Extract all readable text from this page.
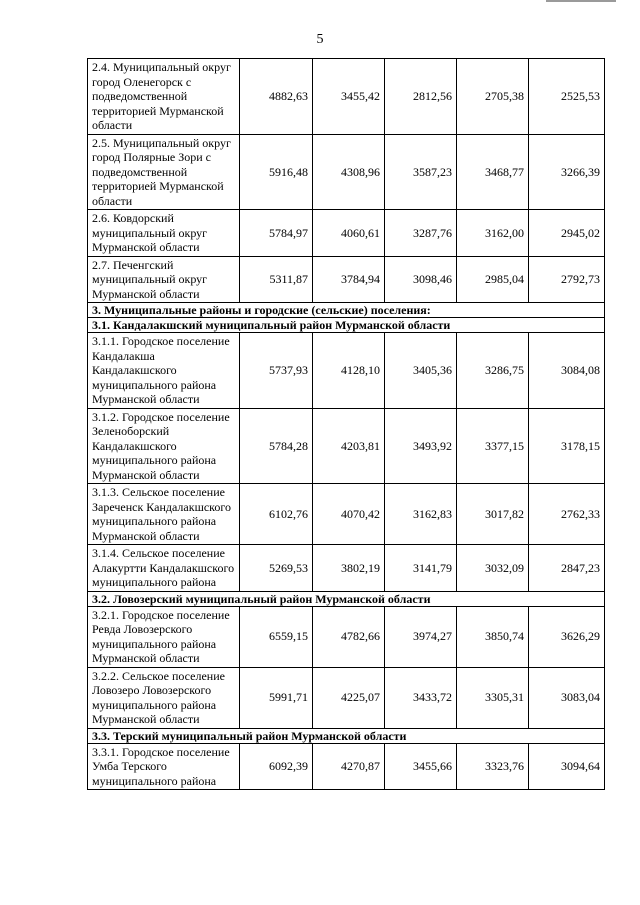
5
2.4. Муниципальный округ город Оленегорск с подведомственной территорией Мурманской области	4882,63	3455,42	2812,56	2705,38	2525,53
2.5. Муниципальный округ город Полярные Зори с подведомственной территорией Мурманской области	5916,48	4308,96	3587,23	3468,77	3266,39
2.6. Ковдорский муниципальный округ Мурманской области	5784,97	4060,61	3287,76	3162,00	2945,02
2.7. Печенгский муниципальный округ Мурманской области	5311,87	3784,94	3098,46	2985,04	2792,73
3. Муниципальные районы и городские (сельские) поселения:					
3.1. Кандалакшский муниципальный район Мурманской области					
3.1.1. Городское поселение Кандалакша Кандалакшского муниципального района Мурманской области	5737,93	4128,10	3405,36	3286,75	3084,08
3.1.2. Городское поселение Зеленоборский Кандалакшского муниципального района Мурманской области	5784,28	4203,81	3493,92	3377,15	3178,15
3.1.3. Сельское поселение Зареченск Кандалакшского муниципального района Мурманской области	6102,76	4070,42	3162,83	3017,82	2762,33
3.1.4. Сельское поселение Алакуртти Кандалакшского муниципального района	5269,53	3802,19	3141,79	3032,09	2847,23
3.2. Ловозерский муниципальный район Мурманской области					
3.2.1. Городское поселение Ревда Ловозерского муниципального района Мурманской области	6559,15	4782,66	3974,27	3850,74	3626,29
3.2.2. Сельское поселение Ловозеро Ловозерского муниципального района Мурманской области	5991,71	4225,07	3433,72	3305,31	3083,04
3.3. Терский муниципальный район Мурманской области					
3.3.1. Городское поселение Умба Терского муниципального района	6092,39	4270,87	3455,66	3323,76	3094,64
